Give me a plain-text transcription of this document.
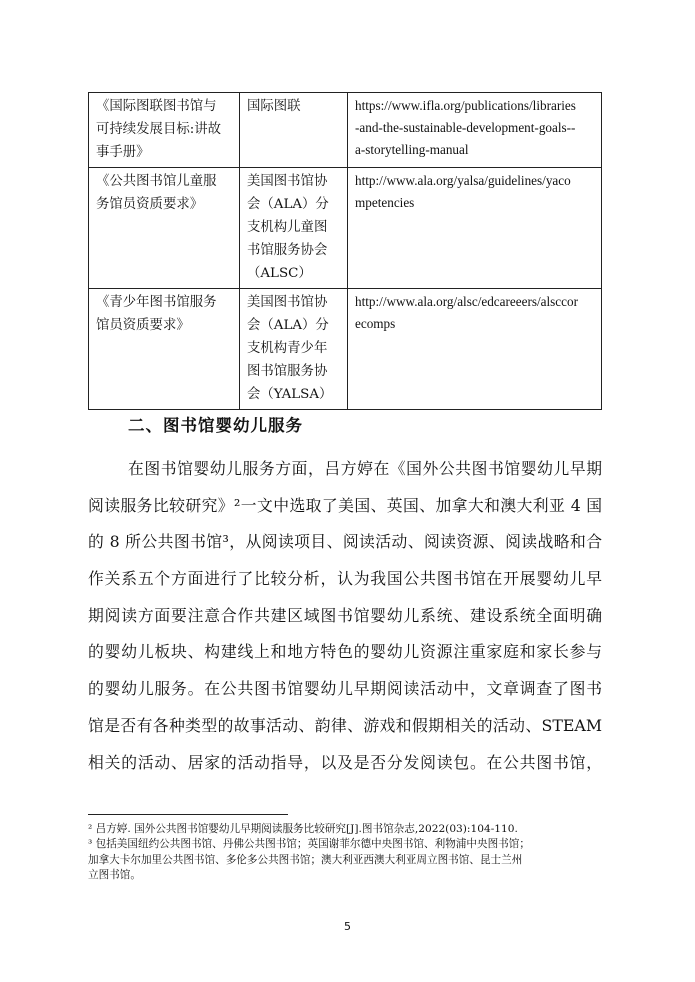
《国际图联图书馆与
可持续发展目标:讲故
事手册》	国际图联	https://www.ifla.org/publications/libraries
-and-the-sustainable-development-goals--
a-storytelling-manual

《公共图书馆儿童服
务馆员资质要求》	美国图书馆协
会（ALA）分
支机构儿童图
书馆服务协会
（ALSC）	http://www.ala.org/yalsa/guidelines/yaco
mpetencies

《青少年图书馆服务
馆员资质要求》	美国图书馆协
会（ALA）分
支机构青少年
图书馆服务协
会（YALSA）	http://www.ala.org/alsc/edcareeers/alsccor
ecomps
二、图书馆婴幼儿服务
在图书馆婴幼儿服务方面，吕方婷在《国外公共图书馆婴幼儿早期
阅读服务比较研究》²一文中选取了美国、英国、加拿大和澳大利亚 4 国
的 8 所公共图书馆³，从阅读项目、阅读活动、阅读资源、阅读战略和合
作关系五个方面进行了比较分析，认为我国公共图书馆在开展婴幼儿早
期阅读方面要注意合作共建区域图书馆婴幼儿系统、建设系统全面明确
的婴幼儿板块、构建线上和地方特色的婴幼儿资源注重家庭和家长参与
的婴幼儿服务。在公共图书馆婴幼儿早期阅读活动中，文章调查了图书
馆是否有各种类型的故事活动、韵律、游戏和假期相关的活动、STEAM
相关的活动、居家的活动指导，以及是否分发阅读包。在公共图书馆，
² 吕方婷. 国外公共图书馆婴幼儿早期阅读服务比较研究[J].图书馆杂志,2022(03):104-110.
³ 包括美国纽约公共图书馆、丹佛公共图书馆；英国谢菲尔德中央图书馆、利物浦中央图书馆；
加拿大卡尔加里公共图书馆、多伦多公共图书馆；澳大利亚西澳大利亚周立图书馆、昆士兰州
立图书馆。
5
